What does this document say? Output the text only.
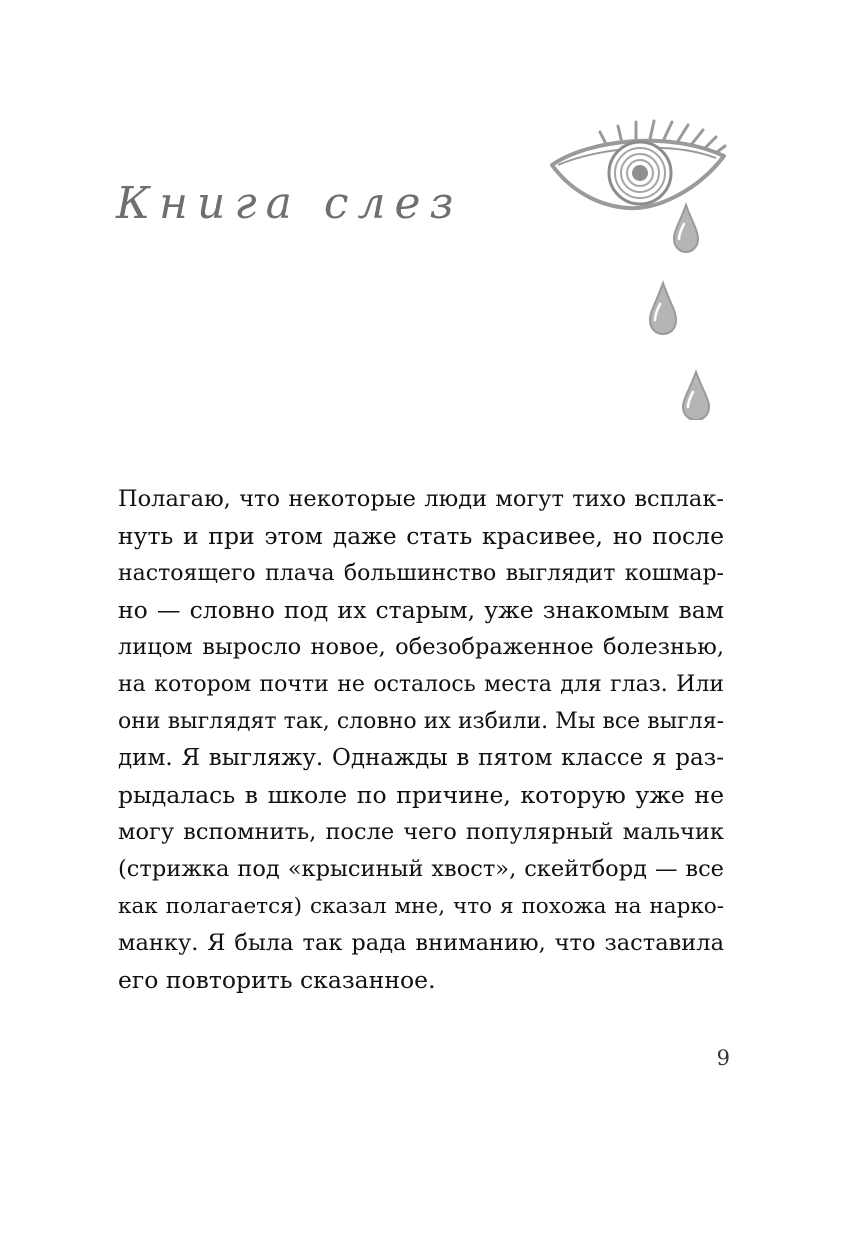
Книга слез
Полагаю, что некоторые люди могут тихо всплак-
нуть и при этом даже стать красивее, но после
настоящего плача большинство выглядит кошмар-
но — словно под их старым, уже знакомым вам
лицом выросло новое, обезображенное болезнью,
на котором почти не осталось места для глаз. Или
они выглядят так, словно их избили. Мы все выгля-
дим. Я выгляжу. Однажды в пятом классе я раз-
рыдалась в школе по причине, которую уже не
могу вспомнить, после чего популярный мальчик
(стрижка под «крысиный хвост», скейтборд — все
как полагается) сказал мне, что я похожа на нарко-
манку. Я была так рада вниманию, что заставила
его повторить сказанное.
9
